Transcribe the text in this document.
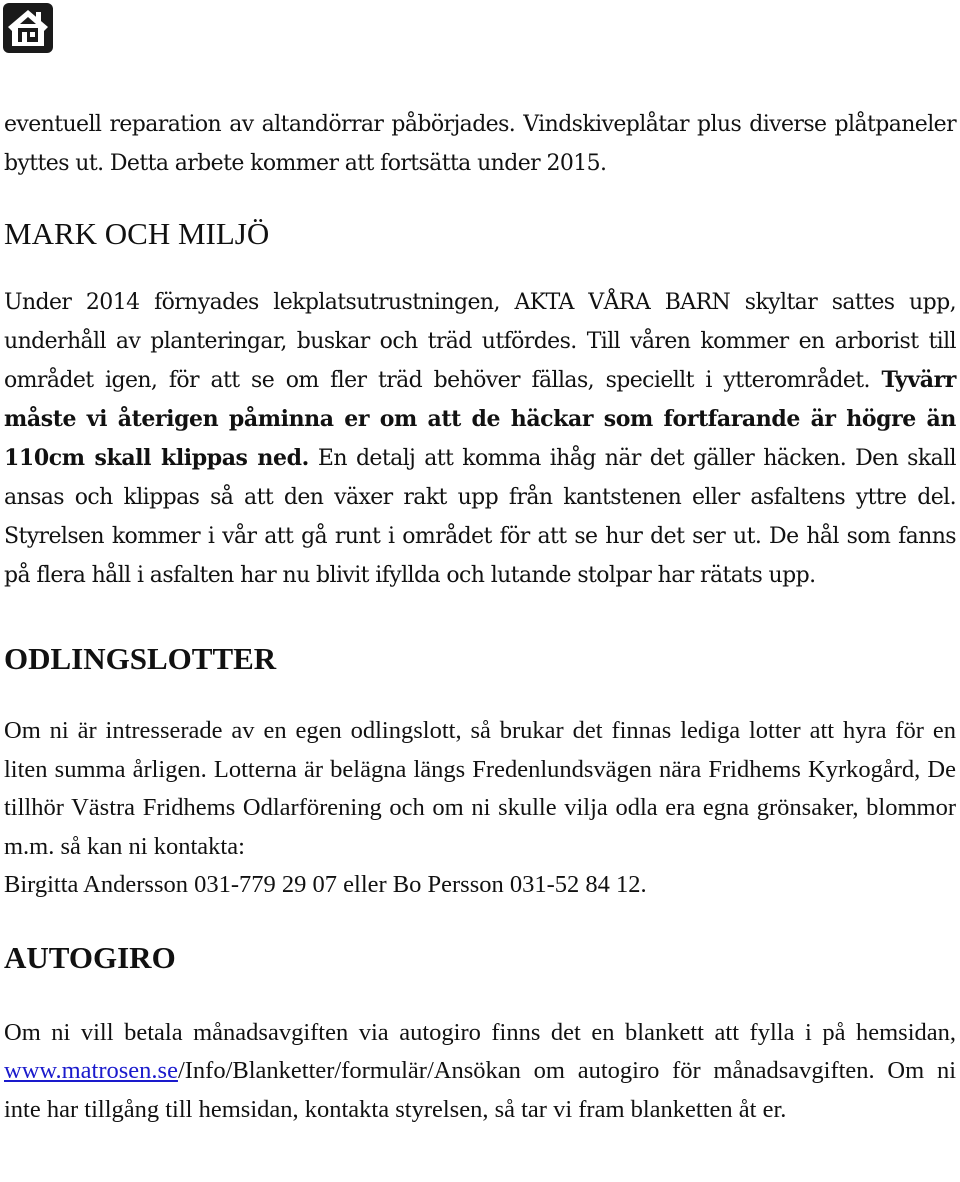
eventuell reparation av altandörrar påbörjades. Vindskiveplåtar plus diverse plåtpaneler byttes ut. Detta arbete kommer att fortsätta under 2015.

MARK OCH MILJÖ

Under 2014 förnyades lekplatsutrustningen, AKTA VÅRA BARN skyltar sattes upp, underhåll av planteringar, buskar och träd utfördes. Till våren kommer en arborist till området igen, för att se om fler träd behöver fällas, speciellt i ytterområdet. Tyvärr måste vi återigen påminna er om att de häckar som fortfarande är högre än 110cm skall klippas ned. En detalj att komma ihåg när det gäller häcken. Den skall ansas och klippas så att den växer rakt upp från kantstenen eller asfaltens yttre del. Styrelsen kommer i vår att gå runt i området för att se hur det ser ut. De hål som fanns på flera håll i asfalten har nu blivit ifyllda och lutande stolpar har rätats upp.

ODLINGSLOTTER

Om ni är intresserade av en egen odlingslott, så brukar det finnas lediga lotter att hyra för en liten summa årligen. Lotterna är belägna längs Fredenlundsvägen nära Fridhems Kyrkogård, De tillhör Västra Fridhems Odlarförening och om ni skulle vilja odla era egna grönsaker, blommor m.m. så kan ni kontakta:

Birgitta Andersson 031-779 29 07 eller Bo Persson 031-52 84 12.

AUTOGIRO

Om ni vill betala månadsavgiften via autogiro finns det en blankett att fylla i på hemsidan, www.matrosen.se/Info/Blanketter/formulär/Ansökan om autogiro för månadsavgiften. Om ni inte har tillgång till hemsidan, kontakta styrelsen, så tar vi fram blanketten åt er.
